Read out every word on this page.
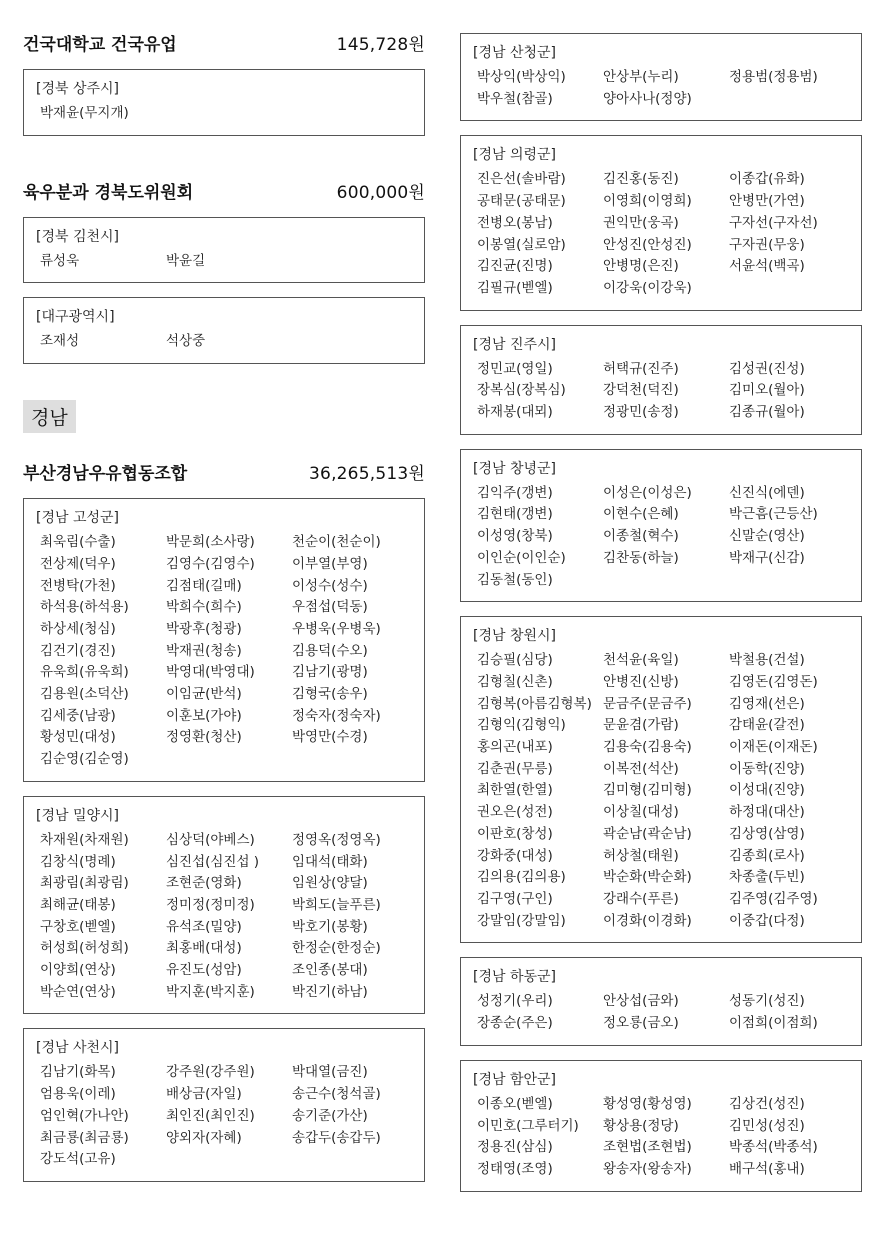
건국대학교 건국유업	145,728원
[경북 상주시]
박재윤(무지개)
육우분과 경북도위원회	600,000원
[경북 김천시]
류성욱	박윤길
[대구광역시]
조재성	석상중
경남
부산경남우유협동조합	36,265,513원
[경남 고성군]
최욱림(수출)	박문희(소사랑)	천순이(천순이)
전상제(덕우)	김영수(김영수)	이부열(부영)
전병탁(가천)	김점태(길매)	이성수(성수)
하석용(하석용)	박희수(희수)	우점섭(덕동)
하상세(청심)	박광후(청광)	우병욱(우병욱)
김건기(경진)	박재권(청송)	김용덕(수오)
유욱희(유욱희)	박영대(박영대)	김남기(광명)
김용원(소덕산)	이임균(반석)	김형국(송우)
김세중(남광)	이훈보(가야)	정숙자(정숙자)
황성민(대성)	정영환(청산)	박영만(수경)
김순영(김순영)
[경남 밀양시]
차재원(차재원)	심상덕(야베스)	정영옥(정영옥)
김창식(명례)	심진섭(심진섭 )	임대석(태화)
최광림(최광림)	조현준(영화)	임원상(양달)
최해균(태봉)	정미정(정미정)	박희도(늘푸른)
구창호(벧엘)	유석조(밀양)	박호기(봉황)
허성희(허성희)	최홍배(대성)	한정순(한정순)
이양희(연상)	유진도(성암)	조인종(봉대)
박순연(연상)	박지훈(박지훈)	박진기(하남)
[경남 사천시]
김남기(화목)	강주원(강주원)	박대열(금진)
엄용욱(이레)	배상금(자일)	송근수(청석골)
엄인혁(가나안)	최인진(최인진)	송기준(가산)
최금룡(최금룡)	양외자(자혜)	송갑두(송갑두)
강도석(고유)
[경남 산청군]
박상익(박상익)	안상부(누리)	정용범(정용범)
박우철(참골)	양아사나(정양)
[경남 의령군]
진은선(솔바람)	김진홍(동진)	이종갑(유화)
공태문(공태문)	이영희(이영희)	안병만(가연)
전병오(봉남)	권익만(웅곡)	구자선(구자선)
이봉열(실로암)	안성진(안성진)	구자권(무웅)
김진균(진명)	안병명(은진)	서윤석(백곡)
김필규(벧엘)	이강욱(이강욱)
[경남 진주시]
정민교(영일)	허택규(진주)	김성권(진성)
장복심(장복심)	강덕천(덕진)	김미오(월아)
하재봉(대뫼)	정광민(송정)	김종규(월아)
[경남 창녕군]
김익주(갱변)	이성은(이성은)	신진식(에덴)
김현태(갱변)	이현수(은혜)	박근흠(근등산)
이성영(창북)	이종철(혁수)	신말순(영산)
이인순(이인순)	김찬동(하늘)	박재구(신감)
김동철(동인)
[경남 창원시]
김승필(심당)	천석윤(육일)	박철용(건설)
김형칠(신촌)	안병진(신방)	김영돈(김영돈)
김형복(아름김형복) 문금주(문금주)	김영재(선은)
김형익(김형익)	문윤겸(가람)	감태윤(갈전)
홍의곤(내포)	김용숙(김용숙)	이재돈(이재돈)
김춘권(무릉)	이복전(석산)	이동학(진양)
최한열(한열)	김미형(김미형)	이성대(진양)
권오은(성전)	이상칠(대성)	하정대(대산)
이판호(창성)	곽순남(곽순남)	김상영(삼영)
강화중(대성)	허상철(태원)	김종희(로사)
김의용(김의용)	박순화(박순화)	차종출(두빈)
김구영(구인)	강래수(푸른)	김주영(김주영)
강말임(강말임)	이경화(이경화)	이중갑(다정)
[경남 하동군]
성정기(우리)	안상섭(금와)	성동기(성진)
장종순(주은)	정오룡(금오)	이점희(이점희)
[경남 함안군]
이종오(벧엘)	황성영(황성영)	김상건(성진)
이민호(그루터기)	황상용(정당)	김민성(성진)
정용진(삼심)	조현법(조현법)	박종석(박종석)
정태영(조영)	왕송자(왕송자)	배구석(홍내)
